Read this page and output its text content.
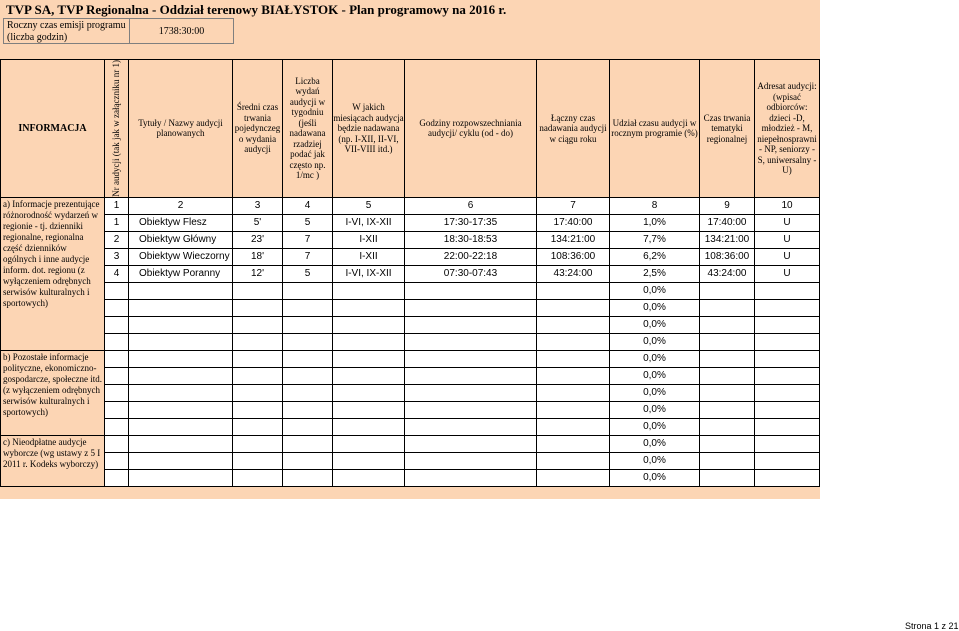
TVP SA, TVP Regionalna - Oddział terenowy BIAŁYSTOK - Plan programowy na 2016 r.
Roczny czas emisji programu (liczba godzin)
1738:30:00
INFORMACJA	Nr audycji (tak jak w załączniku nr 1)	Tytuły / Nazwy audycji planowanych	Średni czas trwania pojedynczeg o wydania audycji	Liczba wydań audycji w tygodniu (jeśli nadawana rzadziej podać jak często np. 1/mc )	W jakich miesiącach audycja będzie nadawana (np. I-XII, II-VI, VII-VIII itd.)	Godziny rozpowszechniania audycji/ cyklu (od - do)	Łączny czas nadawania audycji w ciągu roku	Udział czasu audycji w rocznym programie (%)	Czas trwania tematyki regionalnej	Adresat audycji: (wpisać odbiorców: dzieci -D, młodzież - M, niepełnosprawni - NP, seniorzy - S, uniwersalny - U)
a) Informacje prezentujące różnorodność wydarzeń w regionie - tj. dzienniki regionalne, regionalna część dzienników ogólnych i inne audycje inform. dot. regionu (z wyłączeniem odrębnych serwisów kulturalnych i sportowych)	1	2	3	4	5	6	7	8	9	10
	1	Obiektyw Flesz	5'	5	I-VI, IX-XII	17:30-17:35	17:40:00	1,0%	17:40:00	U
	2	Obiektyw Główny	23'	7	I-XII	18:30-18:53	134:21:00	7,7%	134:21:00	U
	3	Obiektyw Wieczorny	18'	7	I-XII	22:00-22:18	108:36:00	6,2%	108:36:00	U
	4	Obiektyw Poranny	12'	5	I-VI, IX-XII	07:30-07:43	43:24:00	2,5%	43:24:00	U
								0,0%		
								0,0%		
								0,0%		
								0,0%		
b) Pozostałe informacje polityczne, ekonomiczno-gospodarcze, społeczne itd. (z wyłączeniem odrębnych serwisów kulturalnych i sportowych)								0,0%		
								0,0%		
								0,0%		
								0,0%		
								0,0%		
c) Nieodpłatne audycje wyborcze (wg ustawy z 5 I 2011 r. Kodeks wyborczy)								0,0%		
								0,0%		
								0,0%		
Strona 1 z 21
